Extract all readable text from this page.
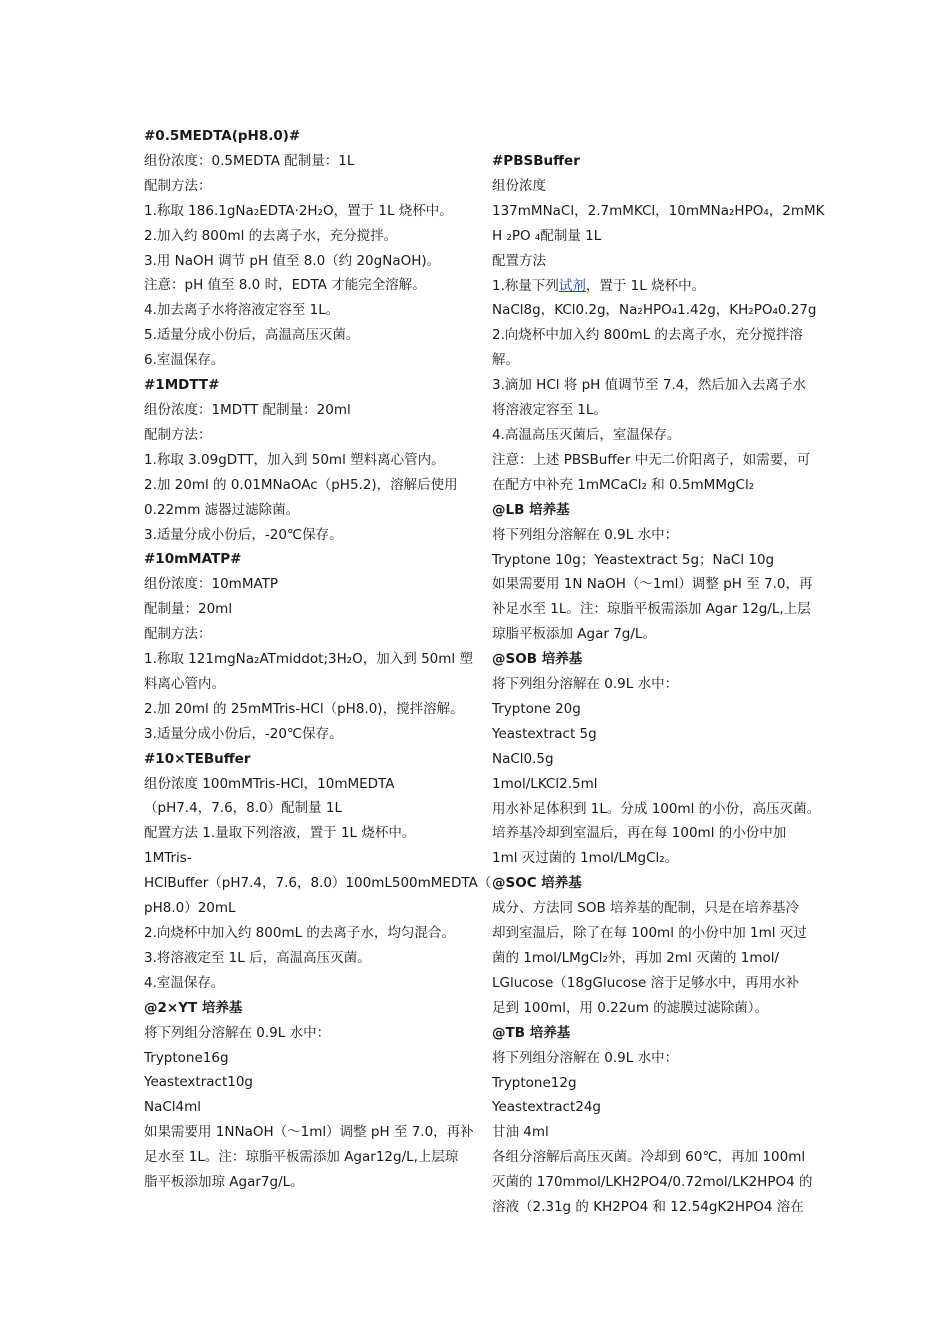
#0.5MEDTA(pH8.0)#
组份浓度：0.5MEDTA 配制量：1L
配制方法：
1.称取 186.1gNa₂EDTA·2H₂O，置于 1L 烧杯中。
2.加入约 800ml 的去离子水，充分搅拌。
3.用 NaOH 调节 pH 值至 8.0（约 20gNaOH)。
注意：pH 值至 8.0 时，EDTA 才能完全溶解。
4.加去离子水将溶液定容至 1L。
5.适量分成小份后，高温高压灭菌。
6.室温保存。
#1MDTT#
组份浓度：1MDTT 配制量：20ml
配制方法：
1.称取 3.09gDTT，加入到 50ml 塑料离心管内。
2.加 20ml 的 0.01MNaOAc（pH5.2)，溶解后使用
0.22mm 滤器过滤除菌。
3.适量分成小份后，-20℃保存。
#10mMATP#
组份浓度：10mMATP
配制量：20ml
配制方法：
1.称取 121mgNa₂ATmiddot;3H₂O，加入到 50ml 塑
料离心管内。
2.加 20ml 的 25mMTris-HCl（pH8.0)，搅拌溶解。
3.适量分成小份后，-20℃保存。
#10×TEBuffer
组份浓度 100mMTris-HCl，10mMEDTA
（pH7.4，7.6，8.0）配制量 1L
配置方法 1.量取下列溶液，置于 1L 烧杯中。
1MTris-
HClBuffer（pH7.4，7.6，8.0）100mL500mMEDTA（
pH8.0）20mL
2.向烧杯中加入约 800mL 的去离子水，均匀混合。
3.将溶液定至 1L 后，高温高压灭菌。
4.室温保存。
@2×YT 培养基
将下列组分溶解在 0.9L 水中：
Tryptone16g
Yeastextract10g
NaCl4ml
如果需要用 1NNaOH（～1ml）调整 pH 至 7.0，再补
足水至 1L。注：琼脂平板需添加 Agar12g/L,上层琼
脂平板添加琼 Agar7g/L。
#PBSBuffer
组份浓度
137mMNaCl，2.7mMKCl，10mMNa₂HPO₄，2mMK
H ₂PO ₄配制量 1L
配置方法
1.称量下列试剂，置于 1L 烧杯中。
NaCl8g，KCl0.2g，Na₂HPO₄1.42g，KH₂PO₄0.27g
2.向烧杯中加入约 800mL 的去离子水，充分搅拌溶
解。
3.滴加 HCl 将 pH 值调节至 7.4，然后加入去离子水
将溶液定容至 1L。
4.高温高压灭菌后，室温保存。
注意：上述 PBSBuffer 中无二价阳离子，如需要，可
在配方中补充 1mMCaCl₂ 和 0.5mMMgCl₂
@LB 培养基
将下列组分溶解在 0.9L 水中：
Tryptone 10g；Yeastextract 5g；NaCl 10g
如果需要用 1N NaOH（～1ml）调整 pH 至 7.0，再
补足水至 1L。注：琼脂平板需添加 Agar 12g/L,上层
琼脂平板添加 Agar 7g/L。
@SOB 培养基
将下列组分溶解在 0.9L 水中：
Tryptone 20g
Yeastextract 5g
NaCl0.5g
1mol/LKCl2.5ml
用水补足体积到 1L。分成 100ml 的小份，高压灭菌。
培养基冷却到室温后，再在每 100ml 的小份中加
1ml 灭过菌的 1mol/LMgCl₂。
@SOC 培养基
成分、方法同 SOB 培养基的配制，只是在培养基冷
却到室温后，除了在每 100ml 的小份中加 1ml 灭过
菌的 1mol/LMgCl₂外，再加 2ml 灭菌的 1mol/
LGlucose（18gGlucose 溶于足够水中，再用水补
足到 100ml，用 0.22um 的滤膜过滤除菌）。
@TB 培养基
将下列组分溶解在 0.9L 水中：
Tryptone12g
Yeastextract24g
甘油 4ml
各组分溶解后高压灭菌。冷却到 60℃，再加 100ml
灭菌的 170mmol/LKH2PO4/0.72mol/LK2HPO4 的
溶液（2.31g 的 KH2PO4 和 12.54gK2HPO4 溶在
